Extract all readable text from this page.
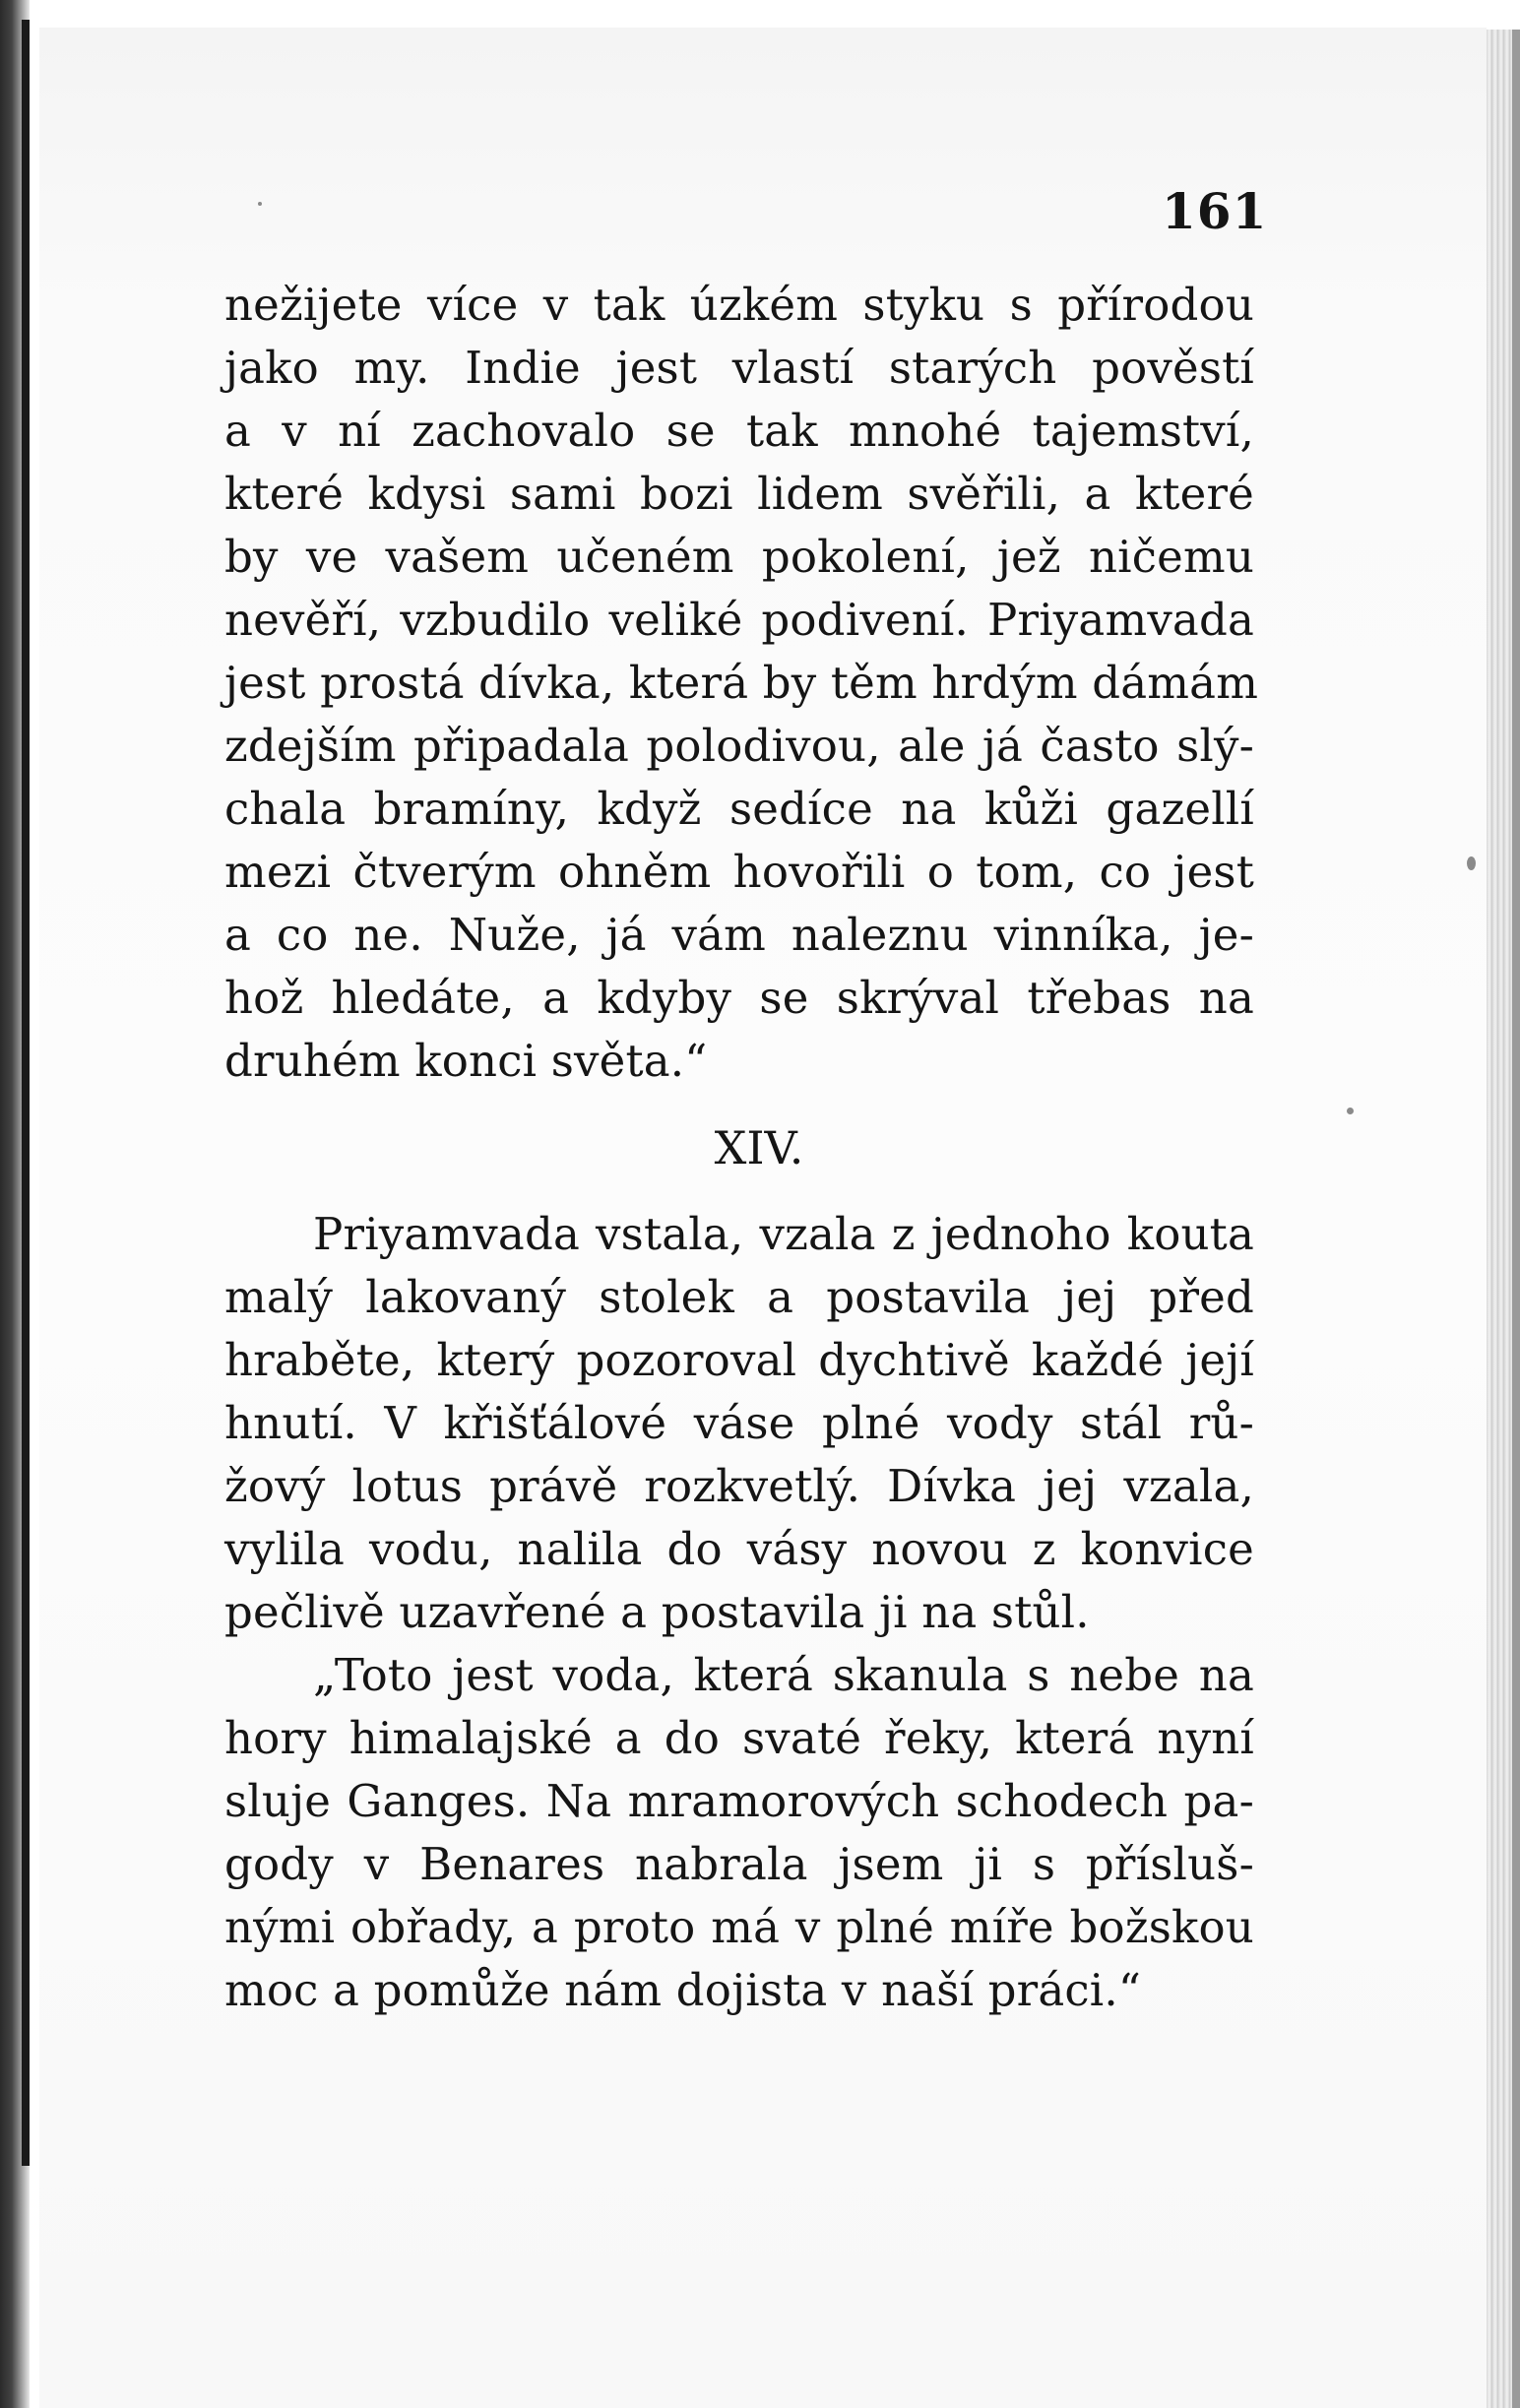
161
nežijete více v tak úzkém styku s přírodou
jako my. Indie jest vlastí starých pověstí
a v ní zachovalo se tak mnohé tajemství,
které kdysi sami bozi lidem svěřili, a které
by ve vašem učeném pokolení, jež ničemu
nevěří, vzbudilo veliké podivení. Priyamvada
jest prostá dívka, která by těm hrdým dámám
zdejším připadala polodivou, ale já často slý-
chala bramíny, když sedíce na kůži gazellí
mezi čtverým ohněm hovořili o tom, co jest
a co ne. Nuže, já vám naleznu vinníka, je-
hož hledáte, a kdyby se skrýval třebas na
druhém konci světa.“
XIV.
Priyamvada vstala, vzala z jednoho kouta
malý lakovaný stolek a postavila jej před
hraběte, který pozoroval dychtivě každé její
hnutí. V křišťálové váse plné vody stál rů-
žový lotus právě rozkvetlý. Dívka jej vzala,
vylila vodu, nalila do vásy novou z konvice
pečlivě uzavřené a postavila ji na stůl.
„Toto jest voda, která skanula s nebe na
hory himalajské a do svaté řeky, která nyní
sluje Ganges. Na mramorových schodech pa-
gody v Benares nabrala jsem ji s přísluš-
nými obřady, a proto má v plné míře božskou
moc a pomůže nám dojista v naší práci.“
